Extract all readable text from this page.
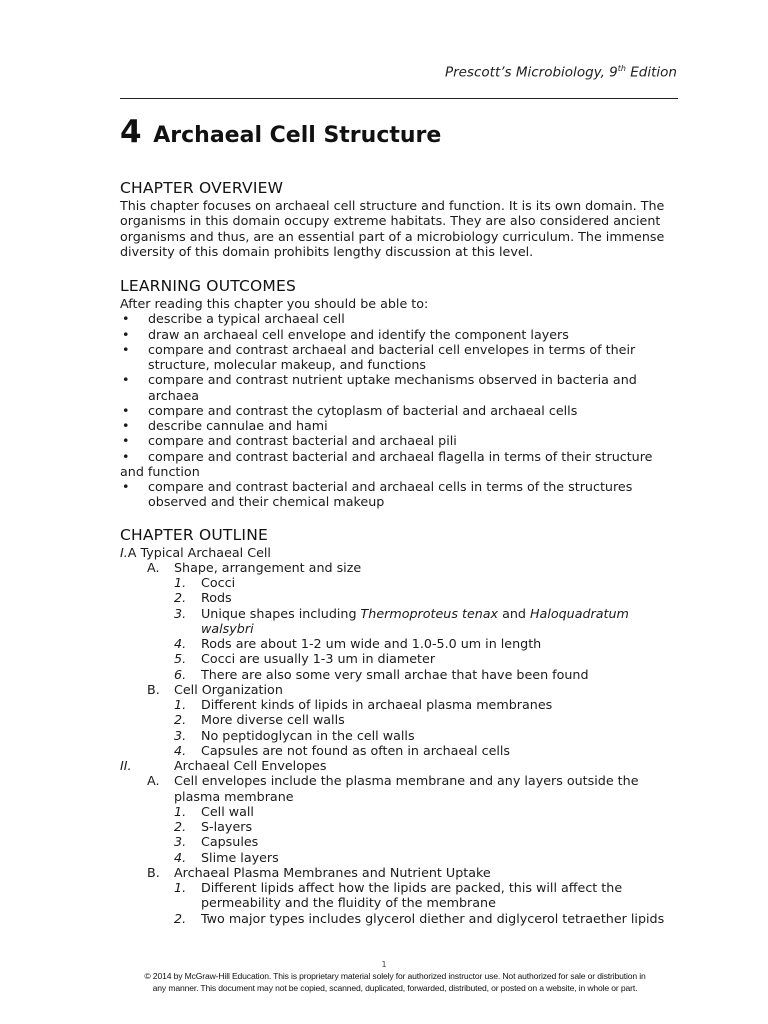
Prescott’s Microbiology, 9th Edition
4 Archaeal Cell Structure
CHAPTER OVERVIEW
This chapter focuses on archaeal cell structure and function. It is its own domain. The
organisms in this domain occupy extreme habitats. They are also considered ancient
organisms and thus, are an essential part of a microbiology curriculum. The immense
diversity of this domain prohibits lengthy discussion at this level.
LEARNING OUTCOMES
After reading this chapter you should be able to:
• describe a typical archaeal cell
• draw an archaeal cell envelope and identify the component layers
• compare and contrast archaeal and bacterial cell envelopes in terms of their
structure, molecular makeup, and functions
• compare and contrast nutrient uptake mechanisms observed in bacteria and
archaea
• compare and contrast the cytoplasm of bacterial and archaeal cells
• describe cannulae and hami
• compare and contrast bacterial and archaeal pili
• compare and contrast bacterial and archaeal flagella in terms of their structure
and function
• compare and contrast bacterial and archaeal cells in terms of the structures
observed and their chemical makeup
CHAPTER OUTLINE
I.A Typical Archaeal Cell
A. Shape, arrangement and size
1. Cocci
2. Rods
3. Unique shapes including Thermoproteus tenax and Haloquadratum
walsybri
4. Rods are about 1-2 um wide and 1.0-5.0 um in length
5. Cocci are usually 1-3 um in diameter
6. There are also some very small archae that have been found
B. Cell Organization
1. Different kinds of lipids in archaeal plasma membranes
2. More diverse cell walls
3. No peptidoglycan in the cell walls
4. Capsules are not found as often in archaeal cells
II.	Archaeal Cell Envelopes
A. Cell envelopes include the plasma membrane and any layers outside the
plasma membrane
1. Cell wall
2. S-layers
3. Capsules
4. Slime layers
B. Archaeal Plasma Membranes and Nutrient Uptake
1. Different lipids affect how the lipids are packed, this will affect the
permeability and the fluidity of the membrane
2. Two major types includes glycerol diether and diglycerol tetraether lipids
1
© 2014 by McGraw-Hill Education. This is proprietary material solely for authorized instructor use. Not authorized for sale or distribution in
any manner. This document may not be copied, scanned, duplicated, forwarded, distributed, or posted on a website, in whole or part.
